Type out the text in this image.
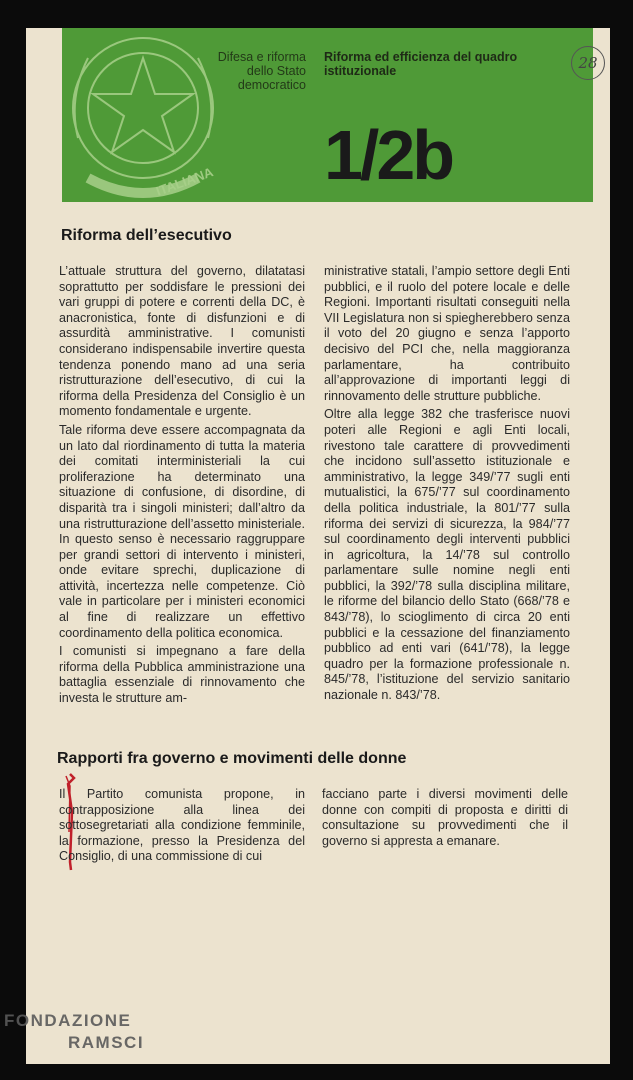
ITALIANA
Difesa e riforma dello Stato democratico
Riforma ed efficienza del quadro istituzionale
1/2b
28
Riforma dell’esecutivo

L’attuale struttura del governo, dilatatasi soprattutto per soddisfare le pressioni dei vari gruppi di potere e correnti della DC, è anacronistica, fonte di disfunzioni e di assurdità amministrative. I comunisti considerano indispensabile invertire questa tendenza ponendo mano ad una seria ristrutturazione dell’esecutivo, di cui la riforma della Presidenza del Consiglio è un momento fondamentale e urgente.

Tale riforma deve essere accompagnata da un lato dal riordinamento di tutta la materia dei comitati interministeriali la cui proliferazione ha determinato una situazione di confusione, di disordine, di disparità tra i singoli ministeri; dall’altro da una ristrutturazione dell’assetto ministeriale. In questo senso è necessario raggruppare per grandi settori di intervento i ministeri, onde evitare sprechi, duplicazione di attività, incertezza nelle competenze. Ciò vale in particolare per i ministeri economici al fine di realizzare un effettivo coordinamento della politica economica.

I comunisti si impegnano a fare della riforma della Pubblica amministrazione una battaglia essenziale di rinnovamento che investa le strutture am-

ministrative statali, l’ampio settore degli Enti pubblici, e il ruolo del potere locale e delle Regioni. Importanti risultati conseguiti nella VII Legislatura non si spiegherebbero senza il voto del 20 giugno e senza l’apporto decisivo del PCI che, nella maggioranza parlamentare, ha contribuito all’approvazione di importanti leggi di rinnovamento delle strutture pubbliche.

Oltre alla legge 382 che trasferisce nuovi poteri alle Regioni e agli Enti locali, rivestono tale carattere di provvedimenti che incidono sull’assetto istituzionale e amministrativo, la legge 349/’77 sugli enti mutualistici, la 675/’77 sul coordinamento della politica industriale, la 801/’77 sulla riforma dei servizi di sicurezza, la 984/’77 sul coordinamento degli interventi pubblici in agricoltura, la 14/’78 sul controllo parlamentare sulle nomine negli enti pubblici, la 392/’78 sulla disciplina militare, le riforme del bilancio dello Stato (668/’78 e 843/’78), lo scioglimento di circa 20 enti pubblici e la cessazione del finanziamento pubblico ad enti vari (641/’78), la legge quadro per la formazione professionale n. 845/’78, l’istituzione del servizio sanitario nazionale n. 843/’78.

Rapporti fra governo e movimenti delle donne

Il Partito comunista propone, in contrapposizione alla linea dei sottosegretariati alla condizione femminile, la formazione, presso la Presidenza del Consiglio, di una commissione di cui

facciano parte i diversi movimenti delle donne con compiti di proposta e diritti di consultazione su provvedimenti che il governo si appresta a emanare.

FONDAZIONE
RAMSCI
